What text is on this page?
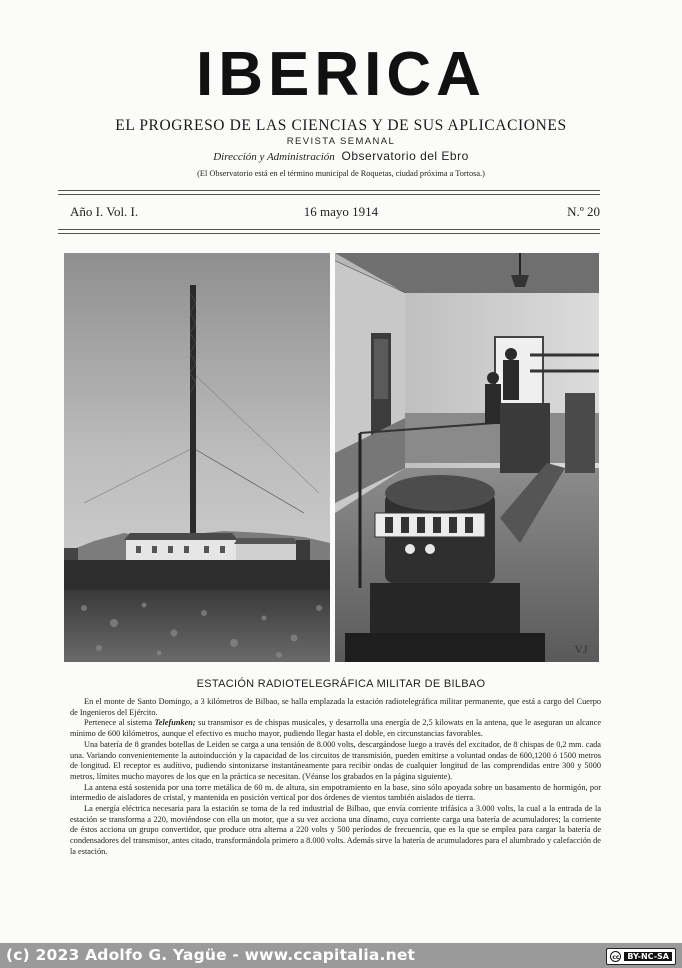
IBERICA
EL PROGRESO DE LAS CIENCIAS Y DE SUS APLICACIONES
REVISTA SEMANAL
Dirección y Administración Observatorio del Ebro
(El Observatorio está en el término municipal de Roquetas, ciudad próxima a Tortosa.)
Año I. Vol. I.	16 mayo 1914	N.º 20
VJ
ESTACIÓN RADIOTELEGRÁFICA MILITAR DE BILBAO

En el monte de Santo Domingo, a 3 kilómetros de Bilbao, se halla emplazada la estación radiotelegráfica militar permanente, que está a cargo del Cuerpo de Ingenieros del Ejército.

Pertenece al sistema Telefunken; su transmisor es de chispas musicales, y desarrolla una energía de 2,5 kilowats en la antena, que le aseguran un alcance mínimo de 600 kilómetros, aunque el efectivo es mucho mayor, pudiendo llegar hasta el doble, en circunstancias favorables.

Una batería de 8 grandes botellas de Leiden se carga a una tensión de 8.000 volts, descargándose luego a través del excitador, de 8 chispas de 0,2 mm. cada una. Variando convenientemente la autoinducción y la capacidad de los circuitos de transmisión, pueden emitirse a voluntad ondas de 600,1200 ó 1500 metros de longitud. El receptor es audítivo, pudiendo sintonizarse instantáneamente para recibir ondas de cualquier longitud de las comprendidas entre 300 y 5000 metros, límites mucho mayores de los que en la práctica se necesitan. (Véanse los grabados en la página siguiente).

La antena está sostenida por una torre metálica de 60 m. de altura, sin empotramiento en la base, sino sólo apoyada sobre un basamento de hormigón, por intermedio de aisladores de cristal, y mantenida en posición vertical por dos órdenes de vientos también aislados de tierra.

La energía eléctrica necesaria para la estación se toma de la red industrial de Bilbao, que envía corriente trifásica a 3.000 volts, la cual a la entrada de la estación se transforma a 220, moviéndose con ella un motor, que a su vez acciona una dínamo, cuya corriente carga una batería de acumuladores; la corriente de éstos acciona un grupo convertidor, que produce otra alterna a 220 volts y 500 períodos de frecuencia, que es la que se emplea para cargar la batería de condensadores del transmisor, antes citado, transformándola primero a 8.000 volts. Además sirve la batería de acumuladores para el alumbrado y calefacción de la estación.

(c) 2023 Adolfo G. Yagüe - www.ccapitalia.net	cc BY-NC-SA
